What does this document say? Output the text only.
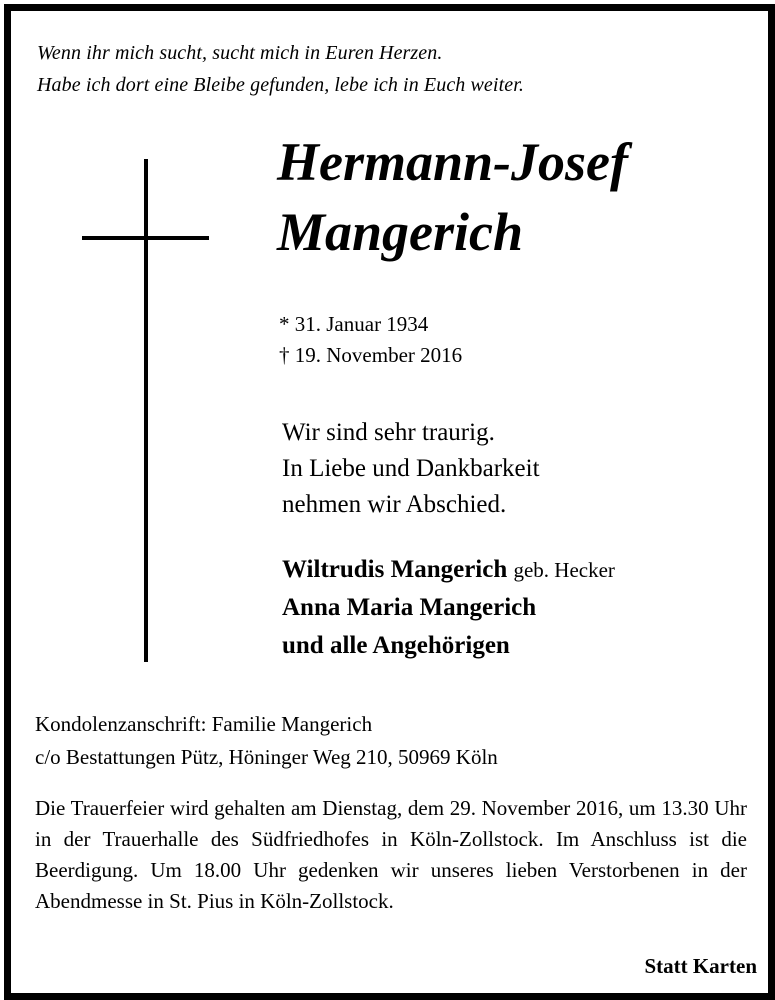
Wenn ihr mich sucht, sucht mich in Euren Herzen.
Habe ich dort eine Bleibe gefunden, lebe ich in Euch weiter.
Hermann-Josef
Mangerich
* 31. Januar 1934
† 19. November 2016
Wir sind sehr traurig.
In Liebe und Dankbarkeit
nehmen wir Abschied.
Wiltrudis Mangerich geb. Hecker
Anna Maria Mangerich
und alle Angehörigen
Kondolenzanschrift: Familie Mangerich
c/o Bestattungen Pütz, Höninger Weg 210, 50969 Köln
Die Trauerfeier wird gehalten am Dienstag, dem 29. November 2016, um 13.30 Uhr in der Trauerhalle des Südfriedhofes in Köln-Zollstock. Im Anschluss ist die Beerdigung. Um 18.00 Uhr gedenken wir unseres lieben Verstorbenen in der Abendmesse in St. Pius in Köln-Zollstock.
Statt Karten
